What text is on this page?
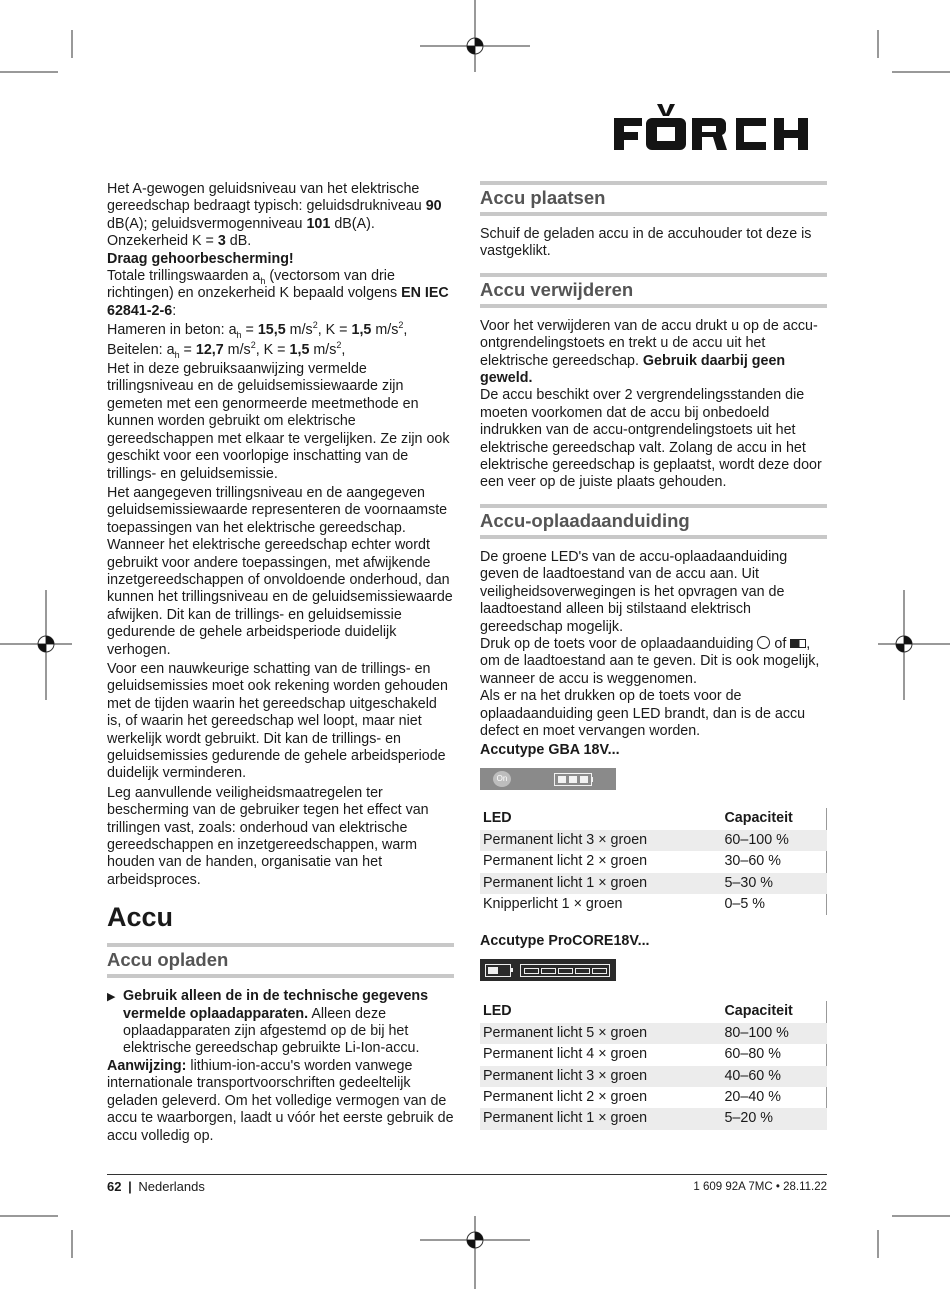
Het A-gewogen geluidsniveau van het elektrische gereedschap bedraagt typisch: geluidsdrukniveau 90 dB(A); geluidsvermogenniveau 101 dB(A). Onzekerheid K = 3 dB.

Draag gehoorbescherming!

Totale trillingswaarden $a_h$ (vectorsom van drie richtingen) en onzekerheid K bepaald volgens EN IEC 62841-2-6:

Hameren in beton: $a_h = 15,5$ $m/s^2$, K = 1,5 $m/s^2$,

Beitelen: $a_h = 12,7$ $m/s^2$, K = 1,5 $m/s^2$,

Het in deze gebruiksaanwijzing vermelde trillingsniveau en de geluidsemissiewaarde zijn gemeten met een genormeerde meetmethode en kunnen worden gebruikt om elektrische gereedschappen met elkaar te vergelijken. Ze zijn ook geschikt voor een voorlopige inschatting van de trillings- en geluidsemissie.

Het aangegeven trillingsniveau en de aangegeven geluidsemissiewaarde representeren de voornaamste toepassingen van het elektrische gereedschap. Wanneer het elektrische gereedschap echter wordt gebruikt voor andere toepassingen, met afwijkende inzetgereedschappen of onvoldoende onderhoud, dan kunnen het trillingsniveau en de geluidsemissiewaarde afwijken. Dit kan de trillings- en geluidsemissie gedurende de gehele arbeidsperiode duidelijk verhogen.

Voor een nauwkeurige schatting van de trillings- en geluidsemissies moet ook rekening worden gehouden met de tijden waarin het gereedschap uitgeschakeld is, of waarin het gereedschap wel loopt, maar niet werkelijk wordt gebruikt. Dit kan de trillings- en geluidsemissies gedurende de gehele arbeidsperiode duidelijk verminderen.

Leg aanvullende veiligheidsmaatregelen ter bescherming van de gebruiker tegen het effect van trillingen vast, zoals: onderhoud van elektrische gereedschappen en inzetgereedschappen, warm houden van de handen, organisatie van het arbeidsproces.

Accu
Accu opladen

▶ Gebruik alleen de in de technische gegevens vermelde oplaadapparaten. Alleen deze oplaadapparaten zijn afgestemd op de bij het elektrische gereedschap gebruikte Li-Ion-accu.

Aanwijzing: lithium-ion-accu's worden vanwege internationale transportvoorschriften gedeeltelijk geladen geleverd. Om het volledige vermogen van de accu te waarborgen, laadt u vóór het eerste gebruik de accu volledig op.

Accu plaatsen

Schuif de geladen accu in de accuhouder tot deze is vastgeklikt.

Accu verwijderen

Voor het verwijderen van de accu drukt u op de accu-ontgrendelingstoets en trekt u de accu uit het elektrische gereedschap. Gebruik daarbij geen geweld.

De accu beschikt over 2 vergrendelingsstanden die moeten voorkomen dat de accu bij onbedoeld indrukken van de accu-ontgrendelingstoets uit het elektrische gereedschap valt. Zolang de accu in het elektrische gereedschap is geplaatst, wordt deze door een veer op de juiste plaats gehouden.

Accu-oplaadaanduiding

De groene LED's van de accu-oplaadaanduiding geven de laadtoestand van de accu aan. Uit veiligheidsoverwegingen is het opvragen van de laadtoestand alleen bij stilstaand elektrisch gereedschap mogelijk.

Druk op de toets voor de oplaadaanduiding  of , om de laadtoestand aan te geven. Dit is ook mogelijk, wanneer de accu is weggenomen.

Als er na het drukken op de toets voor de oplaadaanduiding geen LED brandt, dan is de accu defect en moet vervangen worden.

Accutype GBA 18V...

On
LED	Capaciteit
Permanent licht 3 × groen	60–100 %
Permanent licht 2 × groen	30–60 %
Permanent licht 1 × groen	5–30 %
Knipperlicht 1 × groen	0–5 %

Accutype ProCORE18V...

LED	Capaciteit
Permanent licht 5 × groen	80–100 %
Permanent licht 4 × groen	60–80 %
Permanent licht 3 × groen	40–60 %
Permanent licht 2 × groen	20–40 %
Permanent licht 1 × groen	5–20 %
62 | Nederlands	1 609 92A 7MC • 28.11.22
